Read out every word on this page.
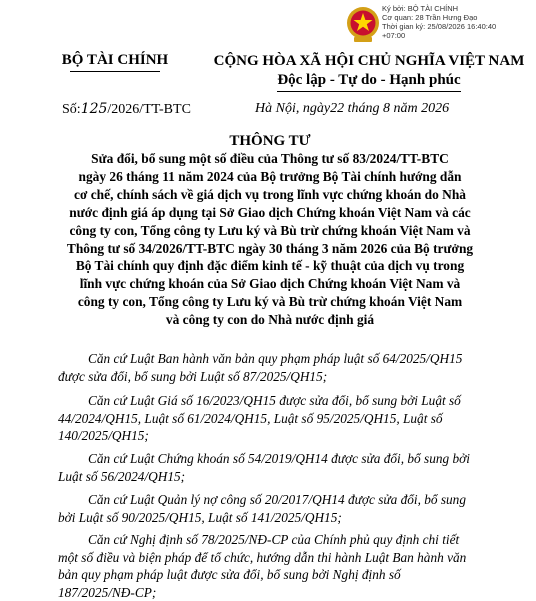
Ký bởi: BỘ TÀI CHÍNH
Cơ quan: 28 Trần Hưng Đạo
Thời gian ký: 25/08/2026 16:40:40
+07:00
BỘ TÀI CHÍNH	CỘNG HÒA XÃ HỘI CHỦ NGHĨA VIỆT NAM
Độc lập - Tự do - Hạnh phúc
Số:125/2026/TT-BTC	Hà Nội, ngày22 tháng 8 năm 2026
THÔNG TƯ
Sửa đổi, bổ sung một số điều của Thông tư số 83/2024/TT-BTC
ngày 26 tháng 11 năm 2024 của Bộ trưởng Bộ Tài chính hướng dẫn
cơ chế, chính sách về giá dịch vụ trong lĩnh vực chứng khoán do Nhà
nước định giá áp dụng tại Sở Giao dịch Chứng khoán Việt Nam và các
công ty con, Tổng công ty Lưu ký và Bù trừ chứng khoán Việt Nam và
Thông tư số 34/2026/TT-BTC ngày 30 tháng 3 năm 2026 của Bộ trưởng
Bộ Tài chính quy định đặc điểm kinh tế - kỹ thuật của dịch vụ trong
lĩnh vực chứng khoán của Sở Giao dịch Chứng khoán Việt Nam và
công ty con, Tổng công ty Lưu ký và Bù trừ chứng khoán Việt Nam
và công ty con do Nhà nước định giá
Căn cứ Luật Ban hành văn bản quy phạm pháp luật số 64/2025/QH15
được sửa đổi, bổ sung bởi Luật số 87/2025/QH15;
Căn cứ Luật Giá số 16/2023/QH15 được sửa đổi, bổ sung bởi Luật số
44/2024/QH15, Luật số 61/2024/QH15, Luật số 95/2025/QH15, Luật số
140/2025/QH15;
Căn cứ Luật Chứng khoán số 54/2019/QH14 được sửa đổi, bổ sung bởi
Luật số 56/2024/QH15;
Căn cứ Luật Quản lý nợ công số 20/2017/QH14 được sửa đổi, bổ sung
bởi Luật số 90/2025/QH15, Luật số 141/2025/QH15;
Căn cứ Nghị định số 78/2025/NĐ-CP của Chính phủ quy định chi tiết
một số điều và biện pháp để tổ chức, hướng dẫn thi hành Luật Ban hành văn
bản quy phạm pháp luật được sửa đổi, bổ sung bởi Nghị định số
187/2025/NĐ-CP;
